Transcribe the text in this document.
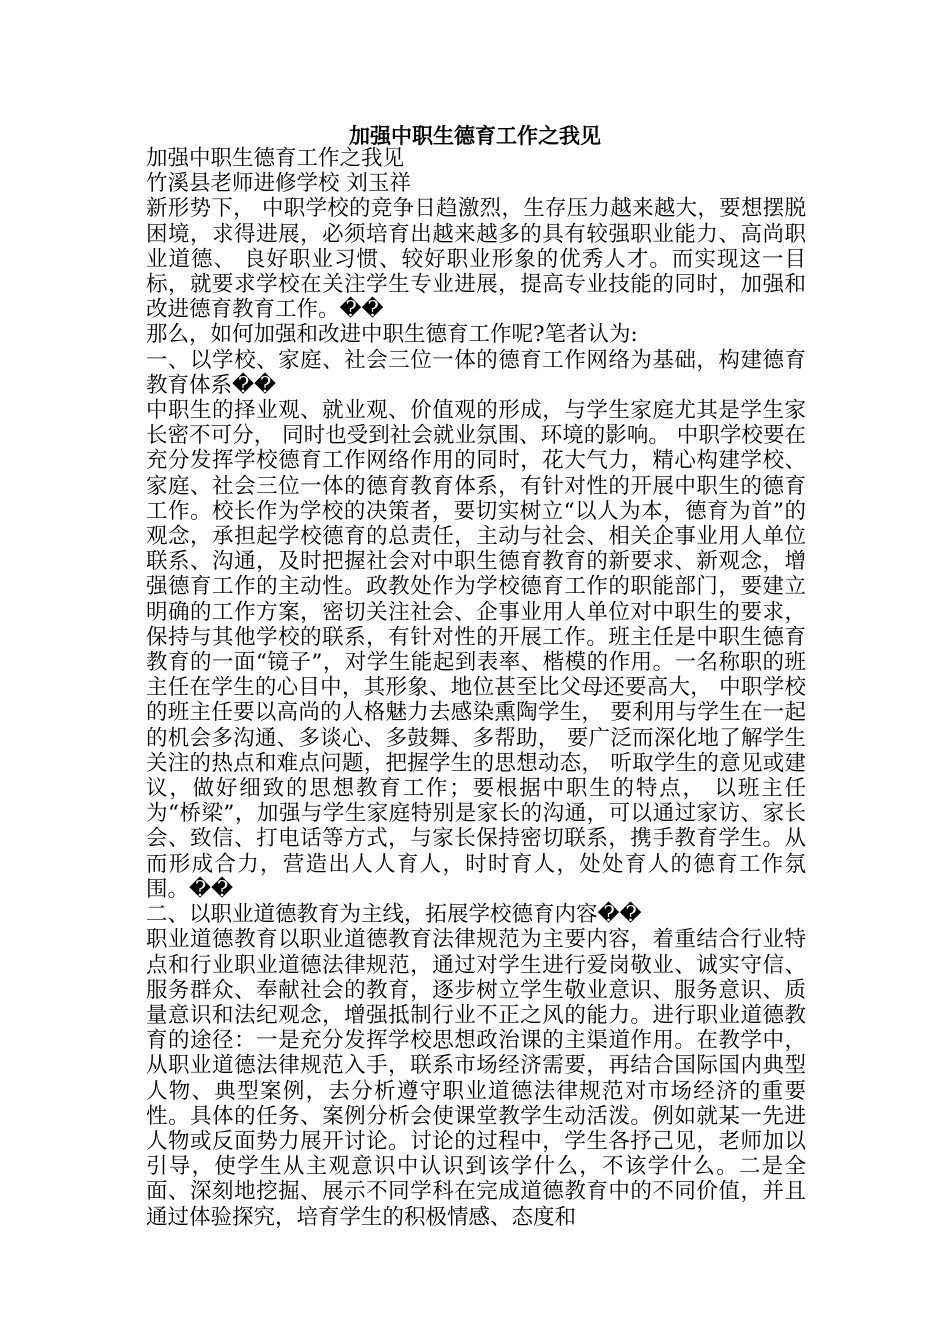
加强中职生德育工作之我见

加强中职生德育工作之我见

竹溪县老师进修学校 刘玉祥

新形势下， 中职学校的竞争日趋激烈，生存压力越来越大，要想摆脱困境，求得进展，必须培育出越来越多的具有较强职业能力、高尚职业道德、 良好职业习惯、较好职业形象的优秀人才。而实现这一目标，就要求学校在关注学生专业进展，提高专业技能的同时，加强和改进德育教育工作。��

那么，如何加强和改进中职生德育工作呢?笔者认为:

一、以学校、家庭、社会三位一体的德育工作网络为基础，构建德育教育体系��

中职生的择业观、就业观、价值观的形成，与学生家庭尤其是学生家长密不可分， 同时也受到社会就业氛围、环境的影响。 中职学校要在充分发挥学校德育工作网络作用的同时，花大气力，精心构建学校、家庭、社会三位一体的德育教育体系，有针对性的开展中职生的德育工作。校长作为学校的决策者，要切实树立“以人为本，德育为首”的观念，承担起学校德育的总责任，主动与社会、相关企事业用人单位联系、沟通，及时把握社会对中职生德育教育的新要求、新观念，增强德育工作的主动性。政教处作为学校德育工作的职能部门，要建立明确的工作方案，密切关注社会、企事业用人单位对中职生的要求，保持与其他学校的联系，有针对性的开展工作。班主任是中职生德育教育的一面“镜子”，对学生能起到表率、楷模的作用。一名称职的班主任在学生的心目中，其形象、地位甚至比父母还要高大， 中职学校的班主任要以高尚的人格魅力去感染熏陶学生， 要利用与学生在一起的机会多沟通、多谈心、多鼓舞、多帮助， 要广泛而深化地了解学生关注的热点和难点问题，把握学生的思想动态， 听取学生的意见或建议，做好细致的思想教育工作；要根据中职生的特点， 以班主任为“桥梁”，加强与学生家庭特别是家长的沟通，可以通过家访、家长会、致信、打电话等方式，与家长保持密切联系，携手教育学生。从而形成合力，营造出人人育人，时时育人，处处育人的德育工作氛围。��

二、以职业道德教育为主线，拓展学校德育内容��

职业道德教育以职业道德教育法律规范为主要内容，着重结合行业特点和行业职业道德法律规范，通过对学生进行爱岗敬业、诚实守信、服务群众、奉献社会的教育，逐步树立学生敬业意识、服务意识、质量意识和法纪观念，增强抵制行业不正之风的能力。进行职业道德教育的途径：一是充分发挥学校思想政治课的主渠道作用。在教学中，从职业道德法律规范入手，联系市场经济需要，再结合国际国内典型人物、典型案例，去分析遵守职业道德法律规范对市场经济的重要性。具体的任务、案例分析会使课堂教学生动活泼。例如就某一先进人物或反面势力展开讨论。讨论的过程中，学生各抒己见，老师加以引导，使学生从主观意识中认识到该学什么，不该学什么。二是全面、深刻地挖掘、展示不同学科在完成道德教育中的不同价值，并且通过体验探究，培育学生的积极情感、态度和
